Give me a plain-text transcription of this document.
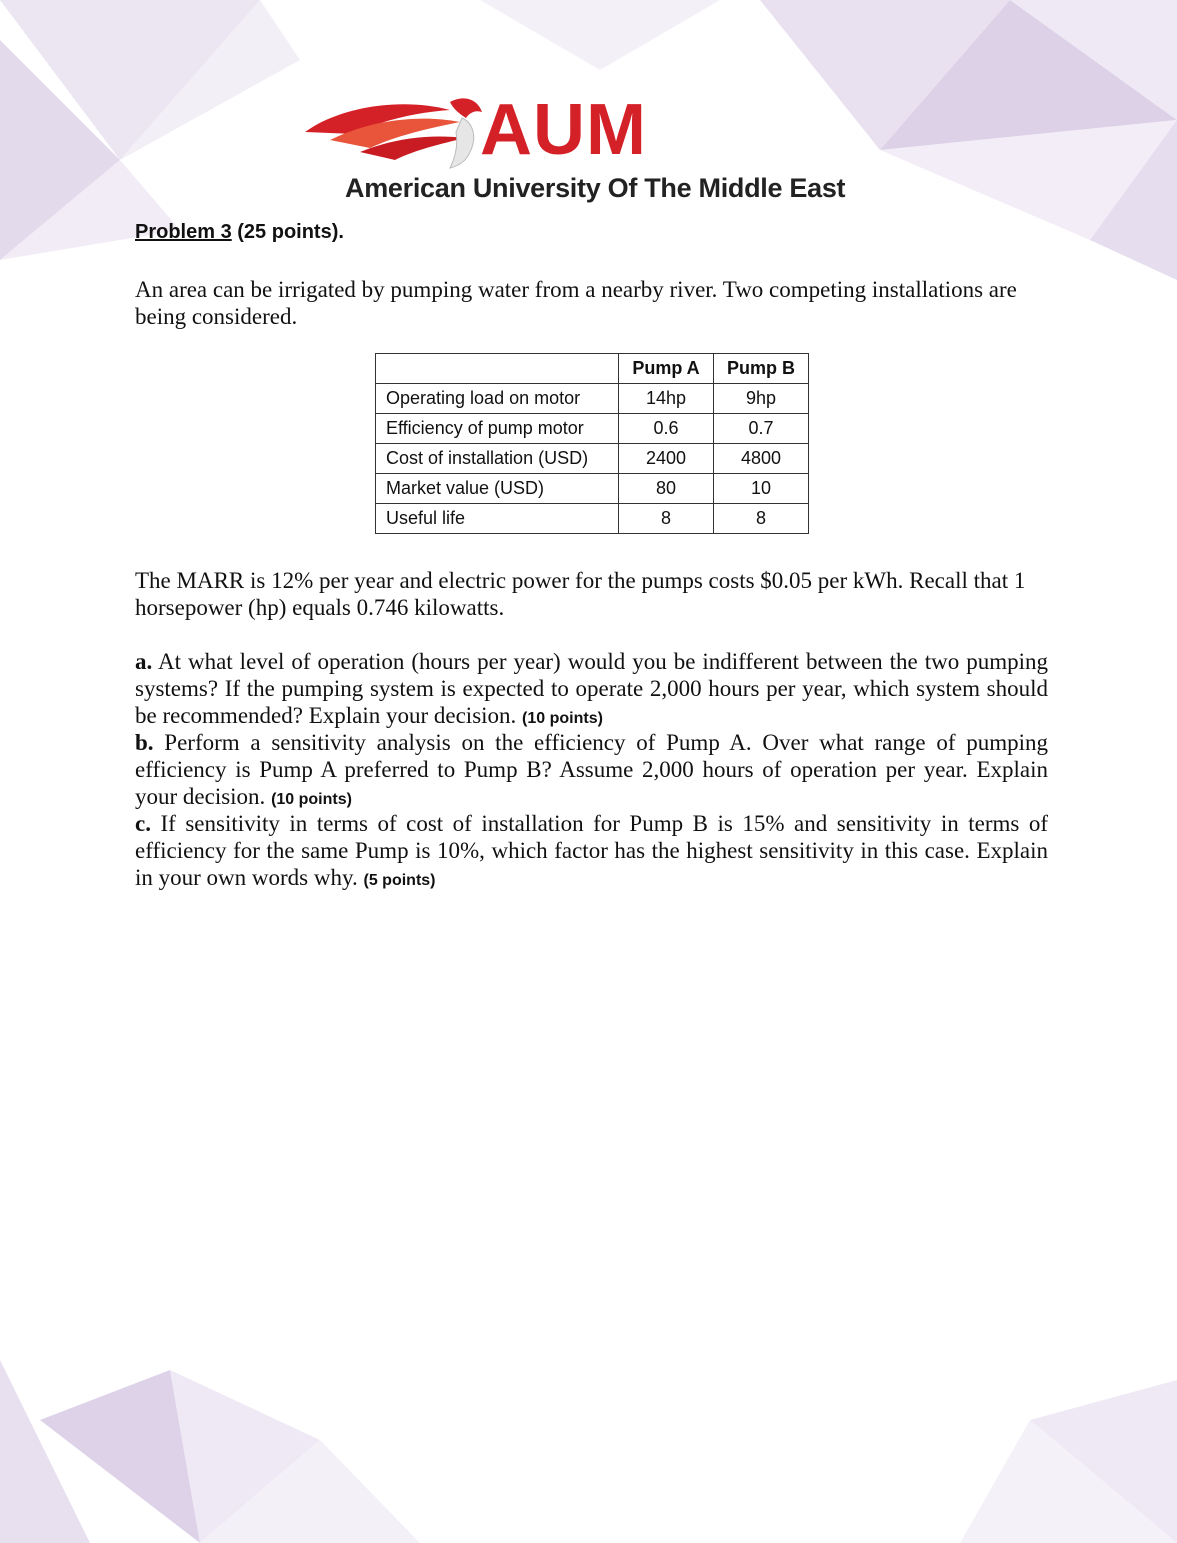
AUM
American University Of The Middle East
Problem 3 (25 points).

An area can be irrigated by pumping water from a nearby river. Two competing installations are being considered.

The MARR is 12% per year and electric power for the pumps costs $0.05 per kWh. Recall that 1 horsepower (hp) equals 0.746 kilowatts.

a. At what level of operation (hours per year) would you be indifferent between the two pumping systems? If the pumping system is expected to operate 2,000 hours per year, which system should be recommended? Explain your decision. (10 points)

b. Perform a sensitivity analysis on the efficiency of Pump A. Over what range of pumping efficiency is Pump A preferred to Pump B? Assume 2,000 hours of operation per year. Explain your decision. (10 points)

c. If sensitivity in terms of cost of installation for Pump B is 15% and sensitivity in terms of efficiency for the same Pump is 10%, which factor has the highest sensitivity in this case. Explain in your own words why. (5 points)

	Pump A	Pump B
Operating load on motor	14hp	9hp
Efficiency of pump motor	0.6	0.7
Cost of installation (USD)	2400	4800
Market value (USD)	80	10
Useful life	8	8
